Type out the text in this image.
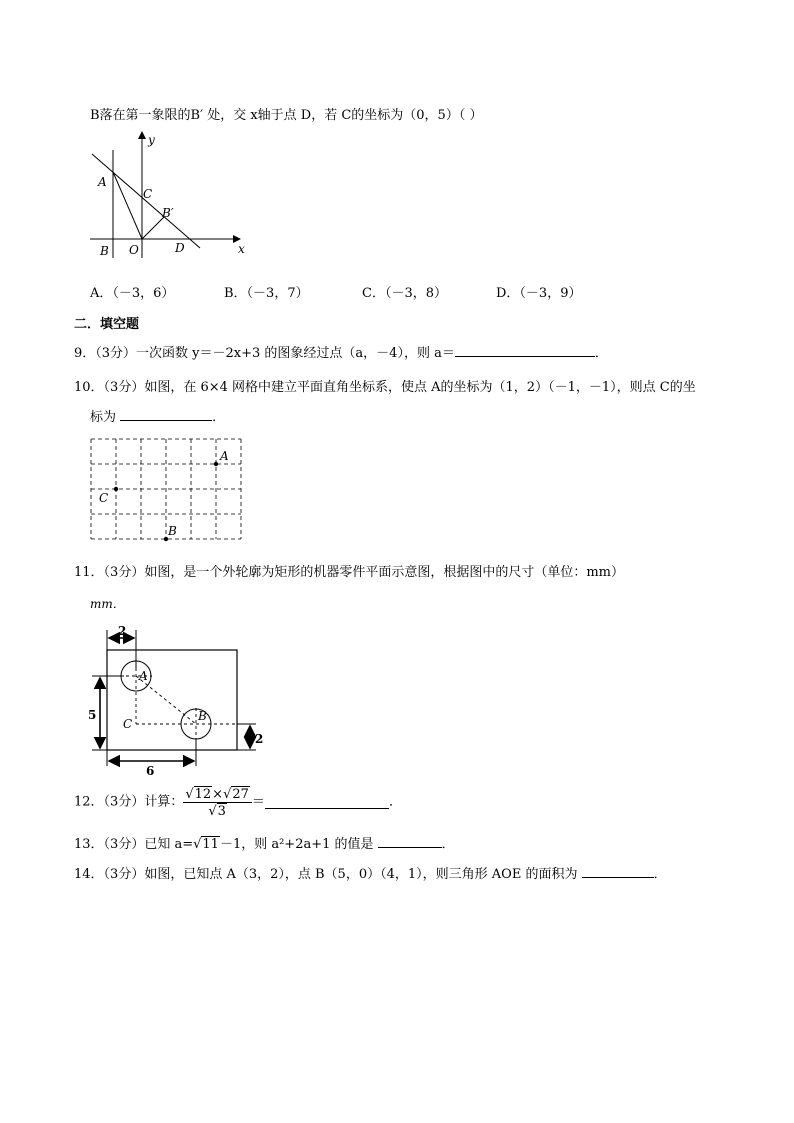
B落在第一象限的B′ 处，交 x轴于点 D，若 C的坐标为（0，5）（ ）
y
x
A
C
B′
B O	D
A．（－3，6）	B．（－3，7）	C．（－3，8）	D．（－3，9）
二．填空题
9．（3分）一次函数 y＝－2x+3 的图象经过点（a，－4），则 a＝	．
10．（3分）如图，在 6×4 网格中建立平面直角坐标系，使点 A的坐标为（1，2）（－1，－1），则点 C的坐
标为	．
A
C
B
11．（3分）如图，是一个外轮廓为矩形的机器零件平面示意图，根据图中的尺寸（单位：mm）
mm．
2
5
2
6
A
B
C
12．（3分）计算： $\frac{√12\times√27}{√3}$ ＝	．
13．（3分）已知 a=√11－1，则 a²+2a+1 的值是	．
14．（3分）如图，已知点 A（3，2），点 B（5，0）（4，1），则三角形 AOE 的面积为	．
